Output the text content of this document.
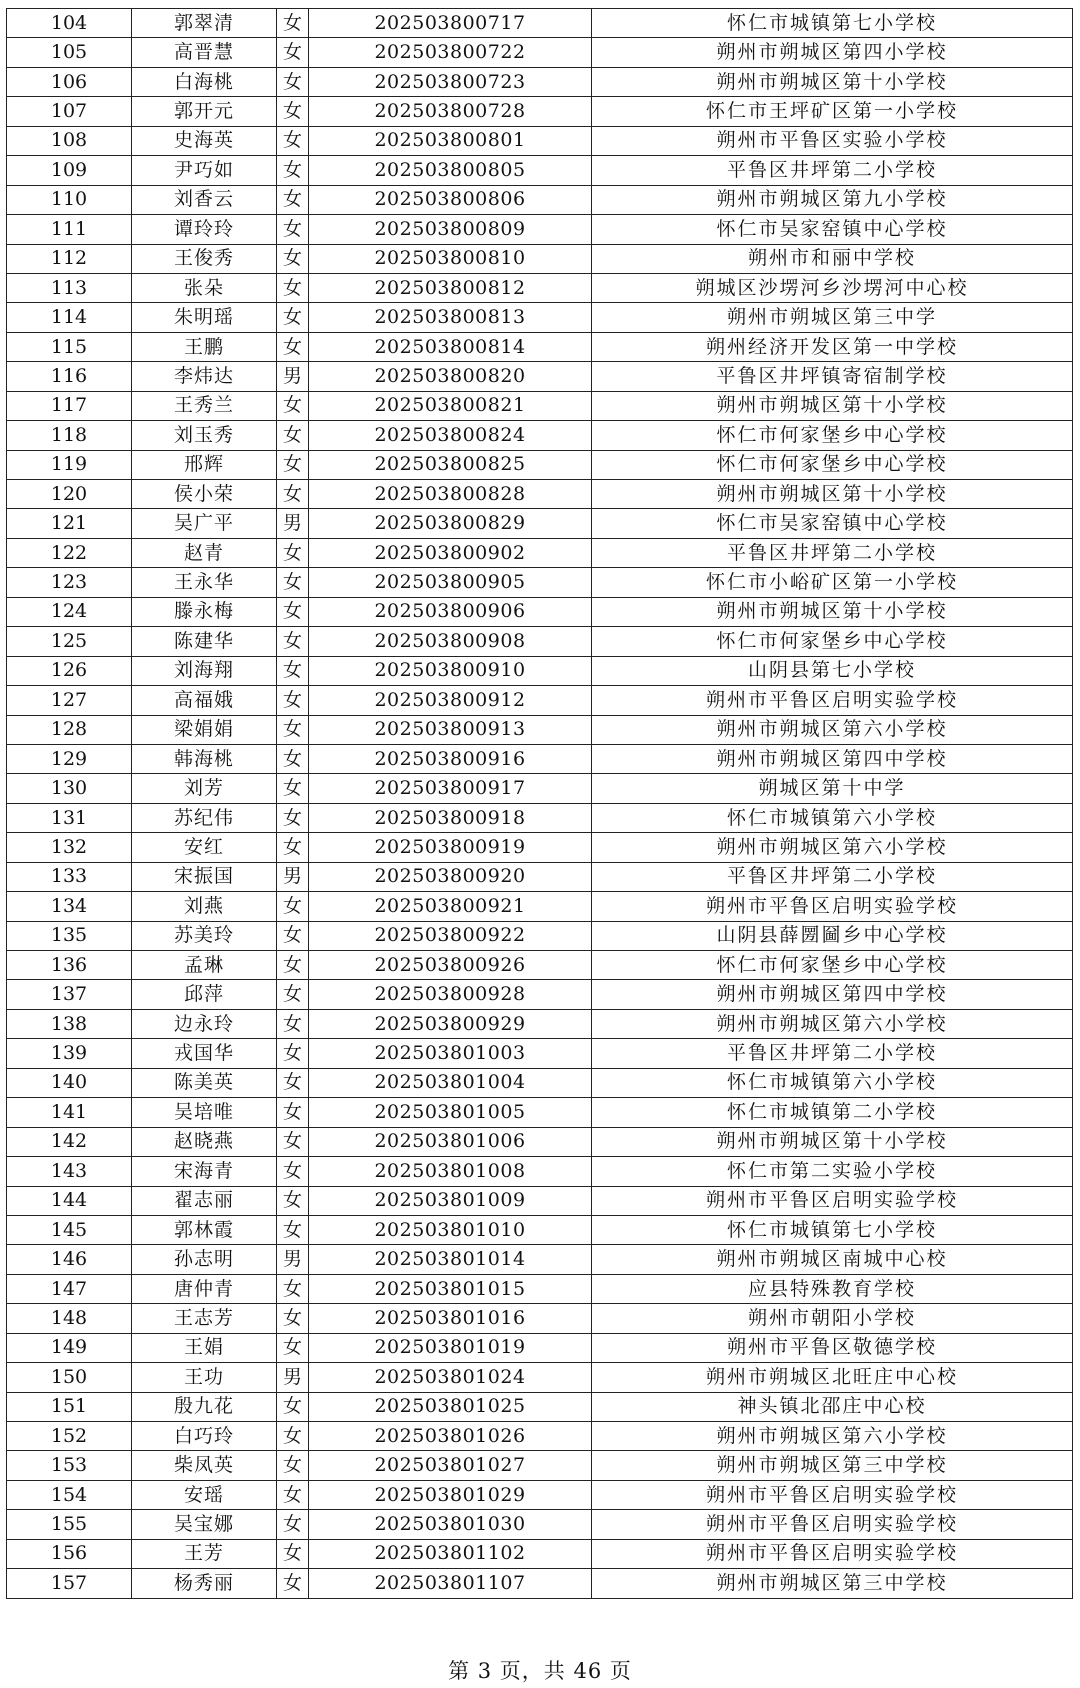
104	郭翠清	女	202503800717	怀仁市城镇第七小学校
105	高晋慧	女	202503800722	朔州市朔城区第四小学校
106	白海桃	女	202503800723	朔州市朔城区第十小学校
107	郭开元	女	202503800728	怀仁市王坪矿区第一小学校
108	史海英	女	202503800801	朔州市平鲁区实验小学校
109	尹巧如	女	202503800805	平鲁区井坪第二小学校
110	刘香云	女	202503800806	朔州市朔城区第九小学校
111	谭玲玲	女	202503800809	怀仁市吴家窑镇中心学校
112	王俊秀	女	202503800810	朔州市和丽中学校
113	张朵	女	202503800812	朔城区沙塄河乡沙塄河中心校
114	朱明瑶	女	202503800813	朔州市朔城区第三中学
115	王鹏	女	202503800814	朔州经济开发区第一中学校
116	李炜达	男	202503800820	平鲁区井坪镇寄宿制学校
117	王秀兰	女	202503800821	朔州市朔城区第十小学校
118	刘玉秀	女	202503800824	怀仁市何家堡乡中心学校
119	邢辉	女	202503800825	怀仁市何家堡乡中心学校
120	侯小荣	女	202503800828	朔州市朔城区第十小学校
121	吴广平	男	202503800829	怀仁市吴家窑镇中心学校
122	赵青	女	202503800902	平鲁区井坪第二小学校
123	王永华	女	202503800905	怀仁市小峪矿区第一小学校
124	滕永梅	女	202503800906	朔州市朔城区第十小学校
125	陈建华	女	202503800908	怀仁市何家堡乡中心学校
126	刘海翔	女	202503800910	山阴县第七小学校
127	高福娥	女	202503800912	朔州市平鲁区启明实验学校
128	梁娟娟	女	202503800913	朔州市朔城区第六小学校
129	韩海桃	女	202503800916	朔州市朔城区第四中学校
130	刘芳	女	202503800917	朔城区第十中学
131	苏纪伟	女	202503800918	怀仁市城镇第六小学校
132	安红	女	202503800919	朔州市朔城区第六小学校
133	宋振国	男	202503800920	平鲁区井坪第二小学校
134	刘燕	女	202503800921	朔州市平鲁区启明实验学校
135	苏美玲	女	202503800922	山阴县薛圐圙乡中心学校
136	孟琳	女	202503800926	怀仁市何家堡乡中心学校
137	邱萍	女	202503800928	朔州市朔城区第四中学校
138	边永玲	女	202503800929	朔州市朔城区第六小学校
139	戎国华	女	202503801003	平鲁区井坪第二小学校
140	陈美英	女	202503801004	怀仁市城镇第六小学校
141	吴培唯	女	202503801005	怀仁市城镇第二小学校
142	赵晓燕	女	202503801006	朔州市朔城区第十小学校
143	宋海青	女	202503801008	怀仁市第二实验小学校
144	翟志丽	女	202503801009	朔州市平鲁区启明实验学校
145	郭林霞	女	202503801010	怀仁市城镇第七小学校
146	孙志明	男	202503801014	朔州市朔城区南城中心校
147	唐仲青	女	202503801015	应县特殊教育学校
148	王志芳	女	202503801016	朔州市朝阳小学校
149	王娟	女	202503801019	朔州市平鲁区敬德学校
150	王功	男	202503801024	朔州市朔城区北旺庄中心校
151	殷九花	女	202503801025	神头镇北邵庄中心校
152	白巧玲	女	202503801026	朔州市朔城区第六小学校
153	柴凤英	女	202503801027	朔州市朔城区第三中学校
154	安瑶	女	202503801029	朔州市平鲁区启明实验学校
155	吴宝娜	女	202503801030	朔州市平鲁区启明实验学校
156	王芳	女	202503801102	朔州市平鲁区启明实验学校
157	杨秀丽	女	202503801107	朔州市朔城区第三中学校
第 3 页，共 46 页
